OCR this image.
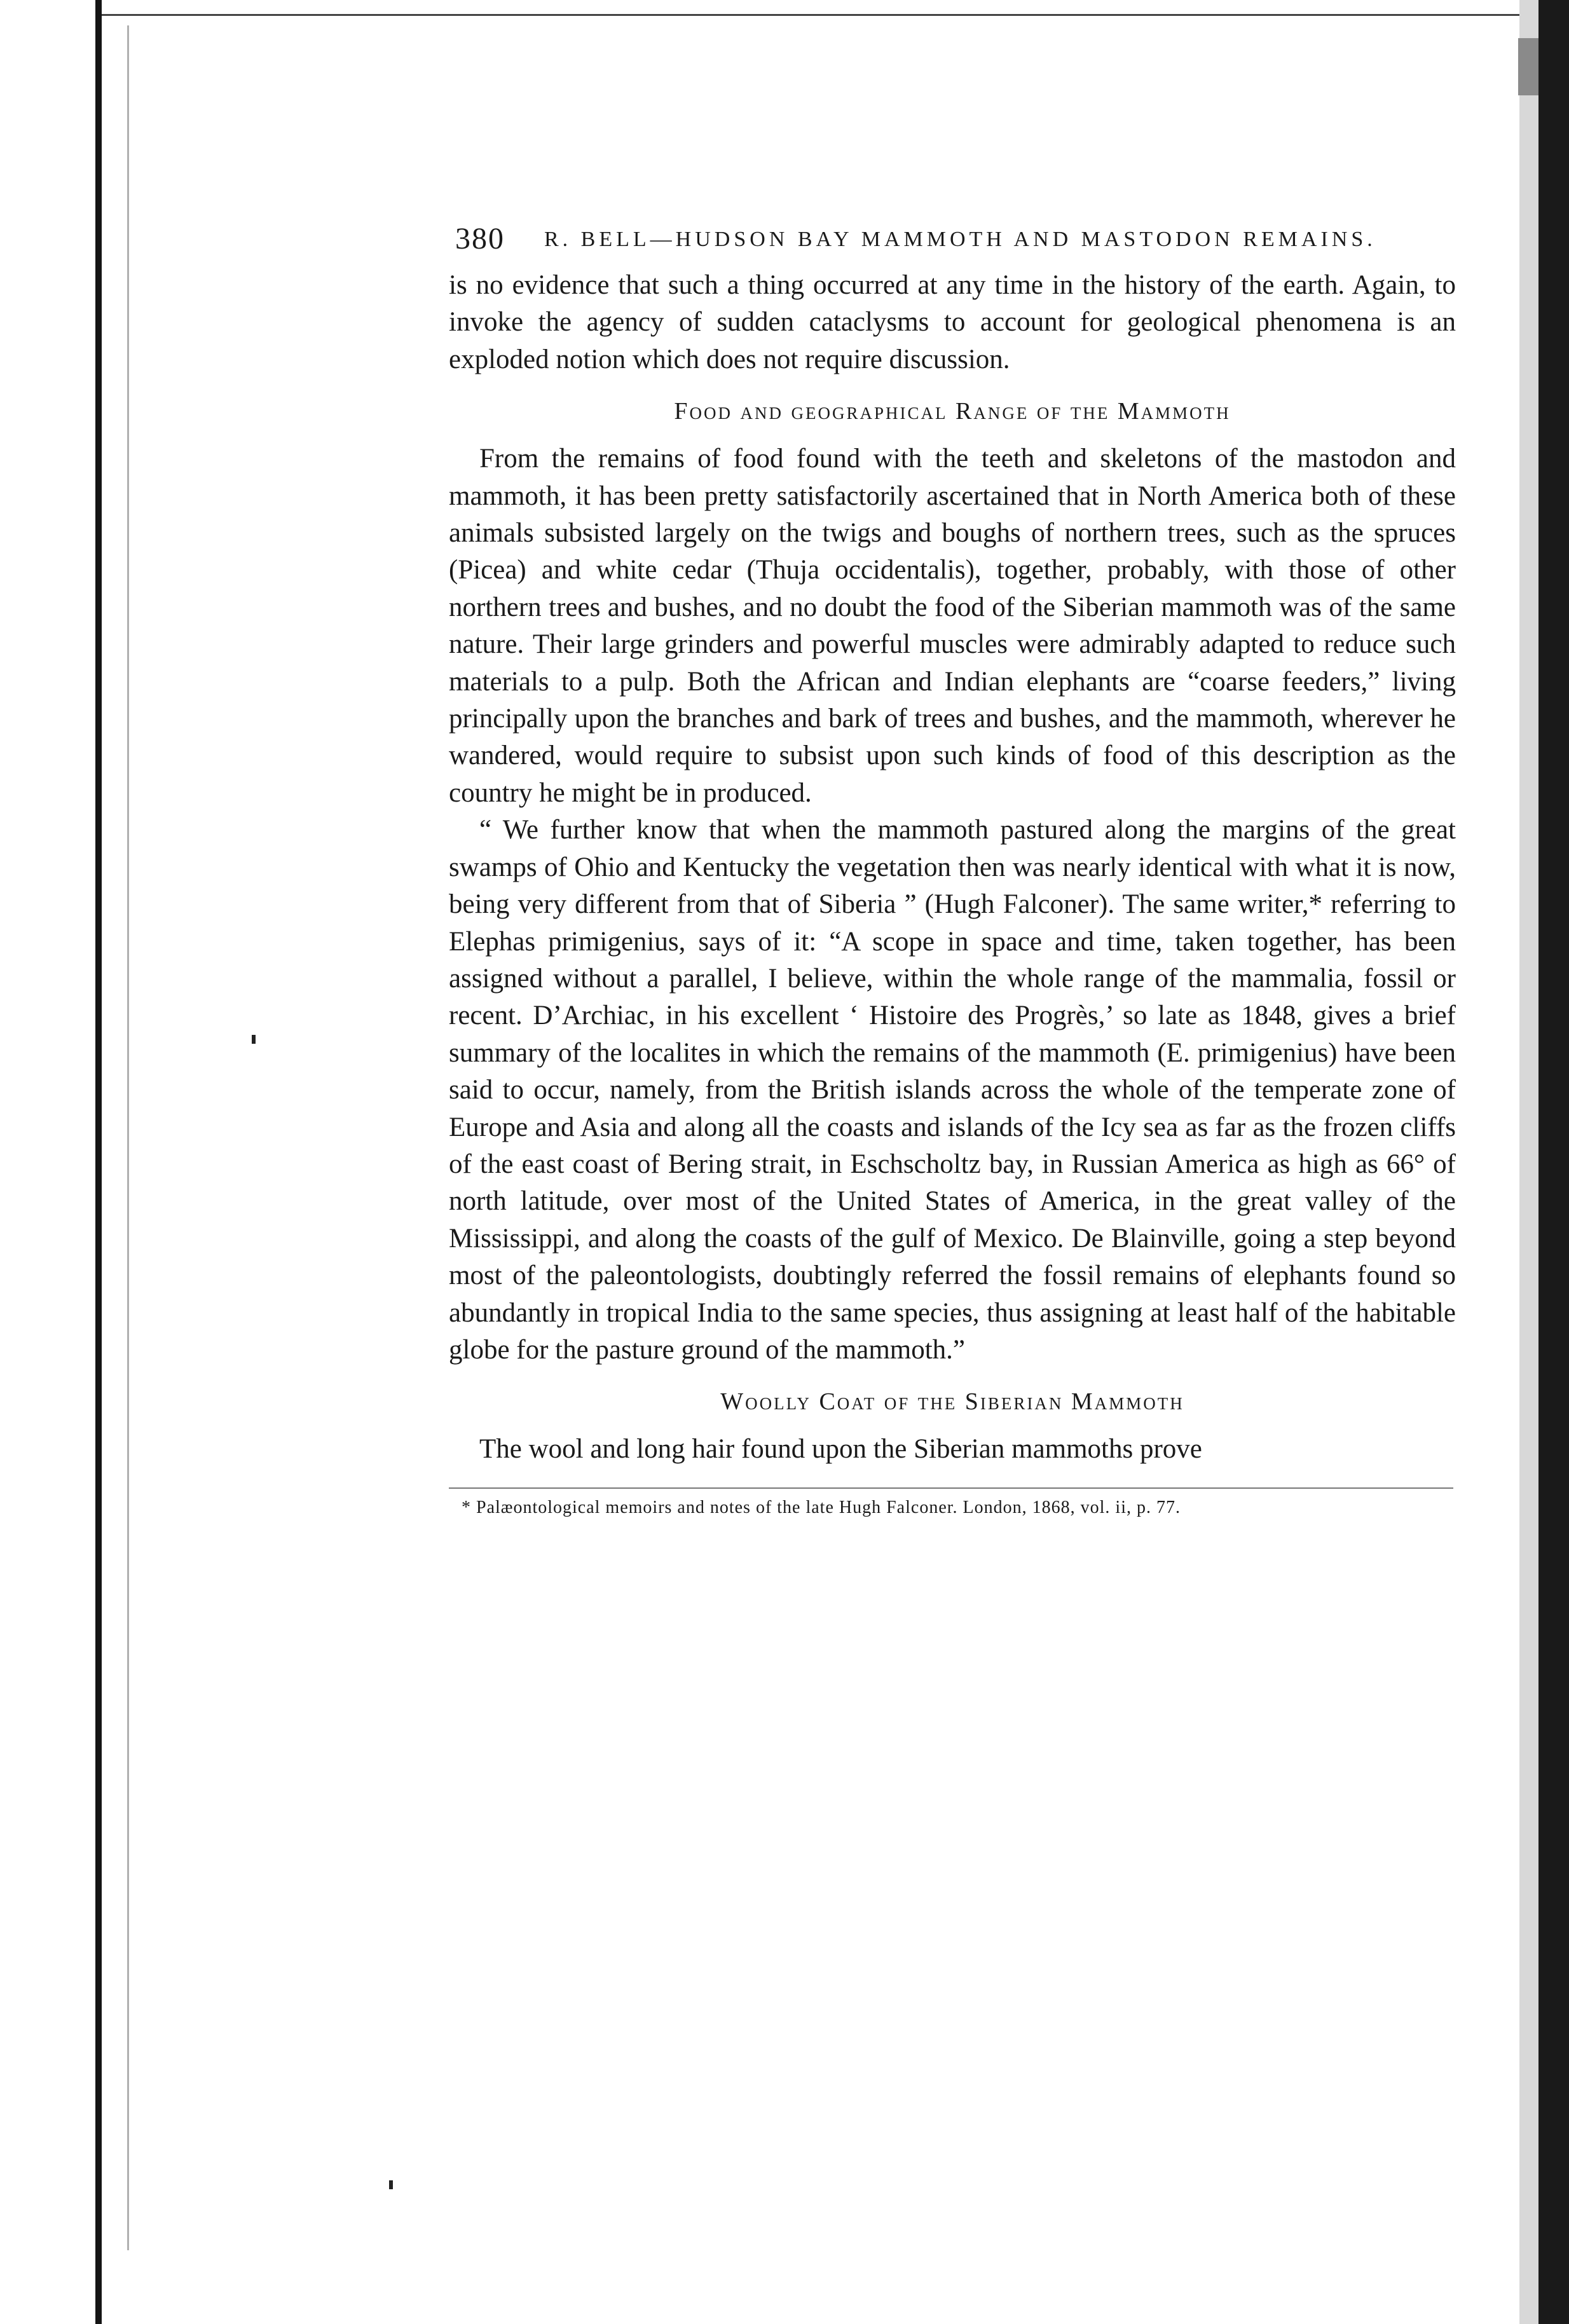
380 R. BELL—HUDSON BAY MAMMOTH AND MASTODON REMAINS.

is no evidence that such a thing occurred at any time in the history of the earth. Again, to invoke the agency of sudden cataclysms to account for geological phenomena is an exploded notion which does not require discussion.

Food and geographical Range of the Mammoth

From the remains of food found with the teeth and skeletons of the mastodon and mammoth, it has been pretty satisfactorily ascertained that in North America both of these animals subsisted largely on the twigs and boughs of northern trees, such as the spruces (Picea) and white cedar (Thuja occidentalis), together, probably, with those of other northern trees and bushes, and no doubt the food of the Siberian mammoth was of the same nature. Their large grinders and powerful muscles were admirably adapted to reduce such materials to a pulp. Both the African and Indian elephants are “coarse feeders,” living principally upon the branches and bark of trees and bushes, and the mammoth, wherever he wandered, would require to subsist upon such kinds of food of this description as the country he might be in produced.

“ We further know that when the mammoth pastured along the margins of the great swamps of Ohio and Kentucky the vegetation then was nearly identical with what it is now, being very different from that of Siberia ” (Hugh Falconer). The same writer,* referring to Elephas primigenius, says of it: “A scope in space and time, taken together, has been assigned without a parallel, I believe, within the whole range of the mammalia, fossil or recent. D’Archiac, in his excellent ‘ Histoire des Progrès,’ so late as 1848, gives a brief summary of the localites in which the remains of the mammoth (E. primigenius) have been said to occur, namely, from the British islands across the whole of the temperate zone of Europe and Asia and along all the coasts and islands of the Icy sea as far as the frozen cliffs of the east coast of Bering strait, in Eschscholtz bay, in Russian America as high as 66° of north latitude, over most of the United States of America, in the great valley of the Mississippi, and along the coasts of the gulf of Mexico. De Blainville, going a step beyond most of the paleontologists, doubtingly referred the fossil remains of elephants found so abundantly in tropical India to the same species, thus assigning at least half of the habitable globe for the pasture ground of the mammoth.”

Woolly Coat of the Siberian Mammoth

The wool and long hair found upon the Siberian mammoths prove

* Palæontological memoirs and notes of the late Hugh Falconer. London, 1868, vol. ii, p. 77.
